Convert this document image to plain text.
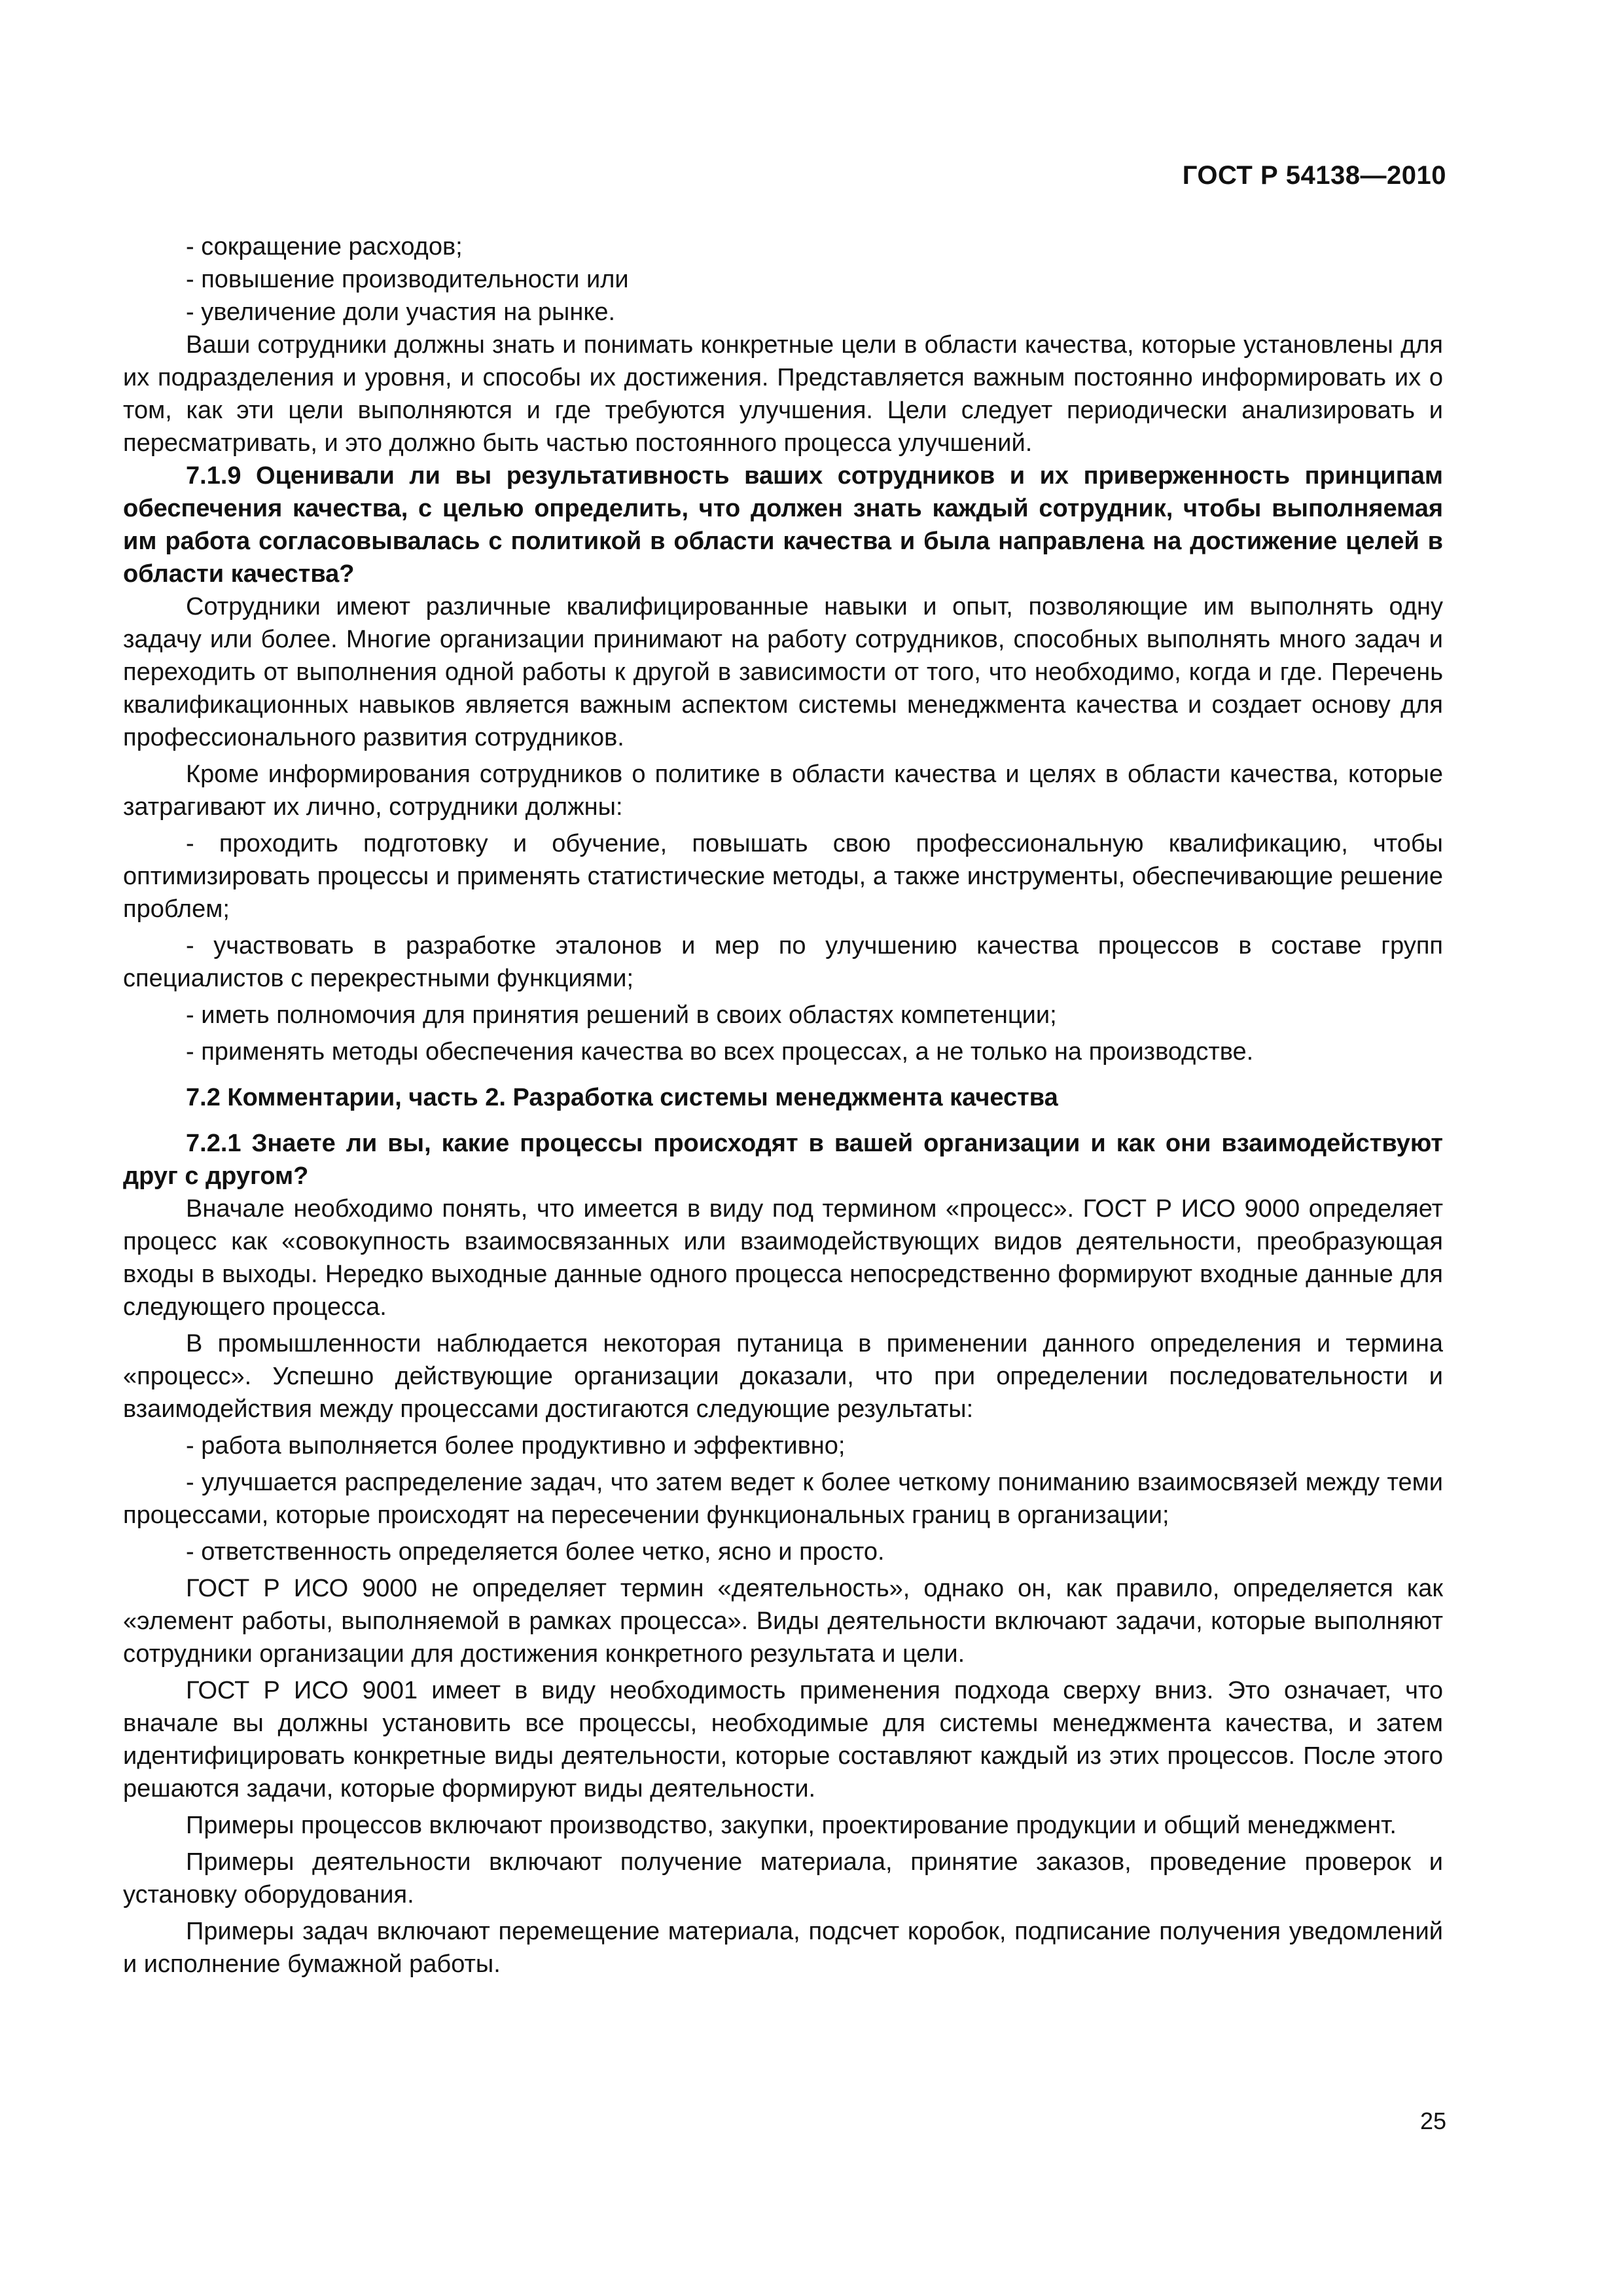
ГОСТ Р 54138—2010

- сокращение расходов;

- повышение производительности или

- увеличение доли участия на рынке.

Ваши сотрудники должны знать и понимать конкретные цели в области качества, которые установлены для их подразделения и уровня, и способы их достижения. Представляется важным постоянно информировать их о том, как эти цели выполняются и где требуются улучшения. Цели следует периодически анализировать и пересматривать, и это должно быть частью постоянного процесса улучшений.

7.1.9 Оценивали ли вы результативность ваших сотрудников и их приверженность принципам обеспечения качества, с целью определить, что должен знать каждый сотрудник, чтобы выполняемая им работа согласовывалась с политикой в области качества и была направлена на достижение целей в области качества?

Сотрудники имеют различные квалифицированные навыки и опыт, позволяющие им выполнять одну задачу или более. Многие организации принимают на работу сотрудников, способных выполнять много задач и переходить от выполнения одной работы к другой в зависимости от того, что необходимо, когда и где. Перечень квалификационных навыков является важным аспектом системы менеджмента качества и создает основу для профессионального развития сотрудников.

Кроме информирования сотрудников о политике в области качества и целях в области качества, которые затрагивают их лично, сотрудники должны:

- проходить подготовку и обучение, повышать свою профессиональную квалификацию, чтобы оптимизировать процессы и применять статистические методы, а также инструменты, обеспечивающие решение проблем;

- участвовать в разработке эталонов и мер по улучшению качества процессов в составе групп специалистов с перекрестными функциями;

- иметь полномочия для принятия решений в своих областях компетенции;

- применять методы обеспечения качества во всех процессах, а не только на производстве.

7.2 Комментарии, часть 2. Разработка системы менеджмента качества

7.2.1 Знаете ли вы, какие процессы происходят в вашей организации и как они взаимодействуют друг с другом?

Вначале необходимо понять, что имеется в виду под термином «процесс». ГОСТ Р ИСО 9000 определяет процесс как «совокупность взаимосвязанных или взаимодействующих видов деятельности, преобразующая входы в выходы. Нередко выходные данные одного процесса непосредственно формируют входные данные для следующего процесса.

В промышленности наблюдается некоторая путаница в применении данного определения и термина «процесс». Успешно действующие организации доказали, что при определении последовательности и взаимодействия между процессами достигаются следующие результаты:

- работа выполняется более продуктивно и эффективно;

- улучшается распределение задач, что затем ведет к более четкому пониманию взаимосвязей между теми процессами, которые происходят на пересечении функциональных границ в организации;

- ответственность определяется более четко, ясно и просто.

ГОСТ Р ИСО 9000 не определяет термин «деятельность», однако он, как правило, определяется как «элемент работы, выполняемой в рамках процесса». Виды деятельности включают задачи, которые выполняют сотрудники организации для достижения конкретного результата и цели.

ГОСТ Р ИСО 9001 имеет в виду необходимость применения подхода сверху вниз. Это означает, что вначале вы должны установить все процессы, необходимые для системы менеджмента качества, и затем идентифицировать конкретные виды деятельности, которые составляют каждый из этих процессов. После этого решаются задачи, которые формируют виды деятельности.

Примеры процессов включают производство, закупки, проектирование продукции и общий менеджмент.

Примеры деятельности включают получение материала, принятие заказов, проведение проверок и установку оборудования.

Примеры задач включают перемещение материала, подсчет коробок, подписание получения уведомлений и исполнение бумажной работы.

25
